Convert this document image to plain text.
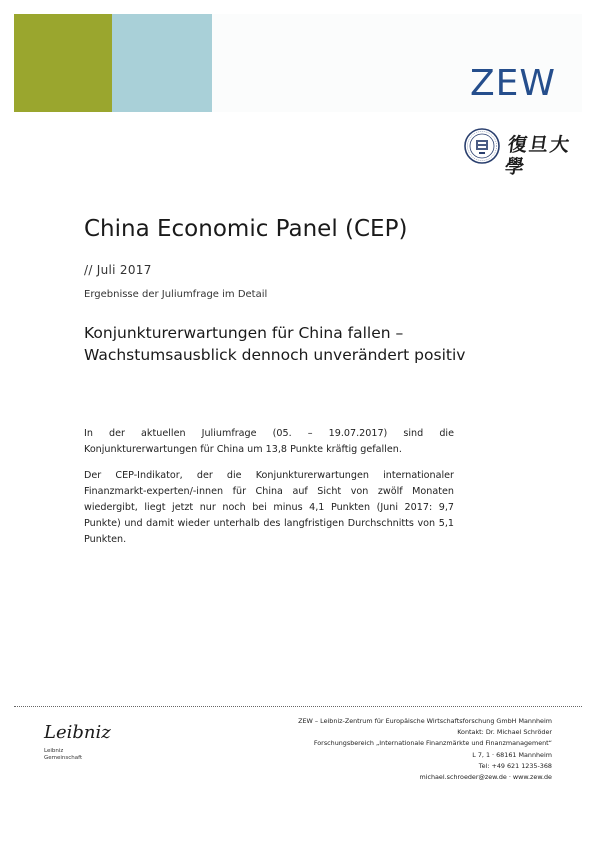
ZEW
復旦大學
China Economic Panel (CEP)

// Juli 2017

Ergebnisse der Juliumfrage im Detail

Konjunkturerwartungen für China fallen – Wachstumsausblick dennoch unverändert positiv

In der aktuellen Juliumfrage (05. – 19.07.2017) sind die Konjunkturerwartungen für China um 13,8 Punkte kräftig gefallen.

Der CEP-Indikator, der die Konjunkturerwartungen internationaler Finanzmarkt-experten/-innen für China auf Sicht von zwölf Monaten wiedergibt, liegt jetzt nur noch bei minus 4,1 Punkten (Juni 2017: 9,7 Punkte) und damit wieder unterhalb des langfristigen Durchschnitts von 5,1 Punkten.

Leibniz
Leibniz Gemeinschaft
ZEW – Leibniz-Zentrum für Europäische Wirtschaftsforschung GmbH Mannheim
Kontakt: Dr. Michael Schröder
Forschungsbereich „Internationale Finanzmärkte und Finanzmanagement“
L 7, 1 · 68161 Mannheim
Tel: +49 621 1235-368
michael.schroeder@zew.de · www.zew.de
